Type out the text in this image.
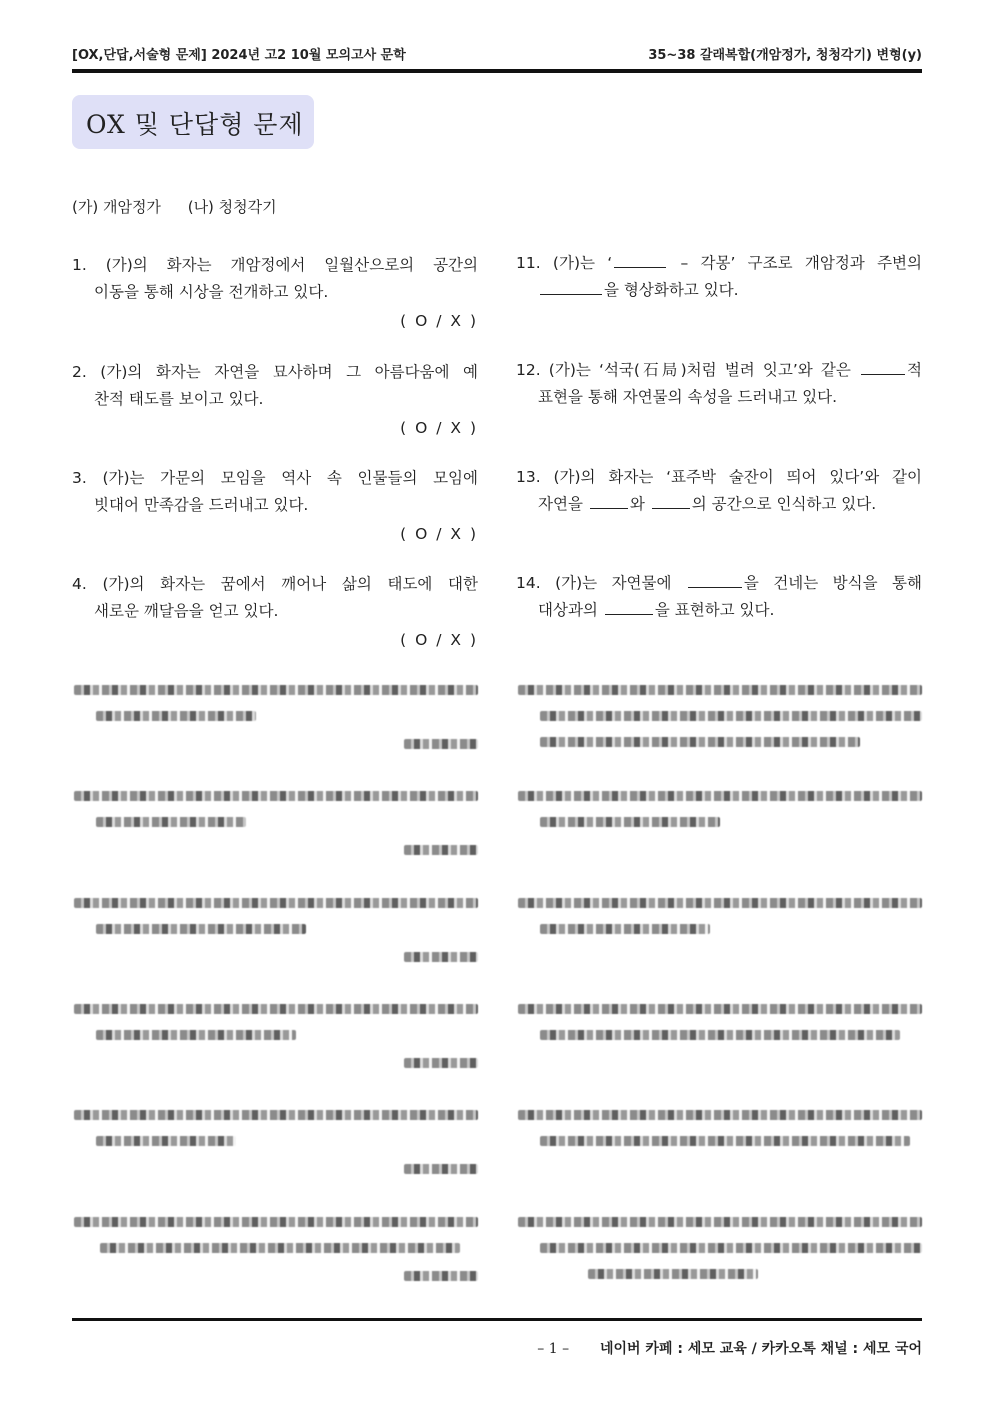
[OX,단답,서술형 문제] 2024년 고2 10월 모의고사 문학	35~38 갈래복합(개암정가, 청청각기) 변형(y)
OX 및 단답형 문제
(가) 개암정가 (나) 청청각기
1. (가)의 화자는 개암정에서 일월산으로의 공간의
이동을 통해 시상을 전개하고 있다.
( O / X )
2. (가)의 화자는 자연을 묘사하며 그 아름다움에 예
찬적 태도를 보이고 있다.
( O / X )
3. (가)는 가문의 모임을 역사 속 인물들의 모임에
빗대어 만족감을 드러내고 있다.
( O / X )
4. (가)의 화자는 꿈에서 깨어나 삶의 태도에 대한
새로운 깨달음을 얻고 있다.
( O / X )
11. (가)는 ‘	– 각몽’ 구조로 개암정과 주변의
을 형상화하고 있다.
12. (가)는 ‘석국(石局)처럼 벌려 잇고’와 같은	적
표현을 통해 자연물의 속성을 드러내고 있다.
13. (가)의 화자는 ‘표주박 술잔이 띄어 있다’와 같이
자연을	와	의 공간으로 인식하고 있다.
14. (가)는 자연물에	을 건네는 방식을 통해
대상과의	을 표현하고 있다.
– 1 – 네이버 카페 : 세모 교육 / 카카오톡 채널 : 세모 국어
